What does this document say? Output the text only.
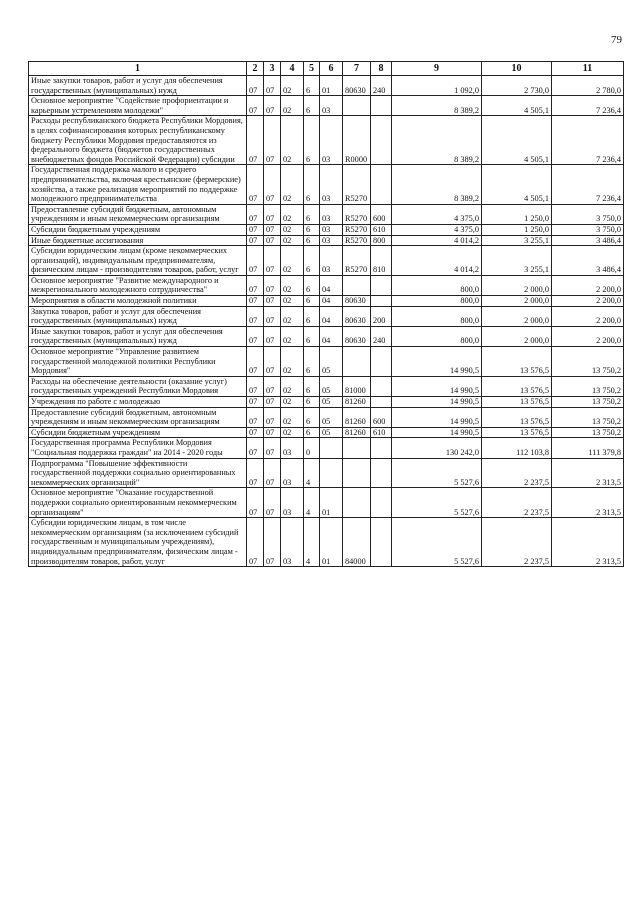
79
1	2	3	4	5	6	7	8	9	10	11
Иные закупки товаров, работ и услуг для обеспечения государственных (муниципальных) нужд	07	07	02	6	01	80630	240	1 092,0	2 730,0	2 780,0
Основное мероприятие "Содействие профориентации и карьерным устремлениям молодежи"	07	07	02	6	03			8 389,2	4 505,1	7 236,4
Расходы республиканского бюджета Республики Мордовия, в целях софинансирования которых республиканскому бюджету Республики Мордовия предоставляются из федерального бюджета (бюджетов государственных внебюджетных фондов Российской Федерации) субсидии	07	07	02	6	03	R0000		8 389,2	4 505,1	7 236,4
Государственная поддержка малого и среднего предпринимательства, включая крестьянские (фермерские) хозяйства, а также реализация мероприятий по поддержке молодежного предпринимательства	07	07	02	6	03	R5270		8 389,2	4 505,1	7 236,4
Предоставление субсидий бюджетным, автономным учреждениям и иным некоммерческим организациям	07	07	02	6	03	R5270	600	4 375,0	1 250,0	3 750,0
Субсидии бюджетным учреждениям	07	07	02	6	03	R5270	610	4 375,0	1 250,0	3 750,0
Иные бюджетные ассигнования	07	07	02	6	03	R5270	800	4 014,2	3 255,1	3 486,4
Субсидии юридическим лицам (кроме некоммерческих организаций), индивидуальным предпринимателям, физическим лицам - производителям товаров, работ, услуг	07	07	02	6	03	R5270	810	4 014,2	3 255,1	3 486,4
Основное мероприятие "Развитие международного и межрегионального молодежного сотрудничества"	07	07	02	6	04			800,0	2 000,0	2 200,0
Мероприятия в области молодежной политики	07	07	02	6	04	80630		800,0	2 000,0	2 200,0
Закупка товаров, работ и услуг для обеспечения государственных (муниципальных) нужд	07	07	02	6	04	80630	200	800,0	2 000,0	2 200,0
Иные закупки товаров, работ и услуг для обеспечения государственных (муниципальных) нужд	07	07	02	6	04	80630	240	800,0	2 000,0	2 200,0
Основное мероприятие "Управление развитием государственной молодежной политики Республики Мордовия"	07	07	02	6	05			14 990,5	13 576,5	13 750,2
Расходы на обеспечение деятельности (оказание услуг) государственных учреждений Республики Мордовия	07	07	02	6	05	81000		14 990,5	13 576,5	13 750,2
Учреждения по работе с молодежью	07	07	02	6	05	81260		14 990,5	13 576,5	13 750,2
Предоставление субсидий бюджетным, автономным учреждениям и иным некоммерческим организациям	07	07	02	6	05	81260	600	14 990,5	13 576,5	13 750,2
Субсидии бюджетным учреждениям	07	07	02	6	05	81260	610	14 990,5	13 576,5	13 750,2
Государственная программа Республики Мордовия "Социальная поддержка граждан" на 2014 - 2020 годы	07	07	03	0				130 242,0	112 103,8	111 379,8
Подпрограмма "Повышение эффективности государственной поддержки социально ориентированных некоммерческих организаций"	07	07	03	4				5 527,6	2 237,5	2 313,5
Основное мероприятие "Оказание государственной поддержки социально ориентированным некоммерческим организациям"	07	07	03	4	01			5 527,6	2 237,5	2 313,5
Субсидии юридическим лицам, в том числе некоммерческим организациям (за исключением субсидий государственным и муниципальным учреждениям), индивидуальным предпринимателям, физическим лицам - производителям товаров, работ, услуг	07	07	03	4	01	84000		5 527,6	2 237,5	2 313,5
